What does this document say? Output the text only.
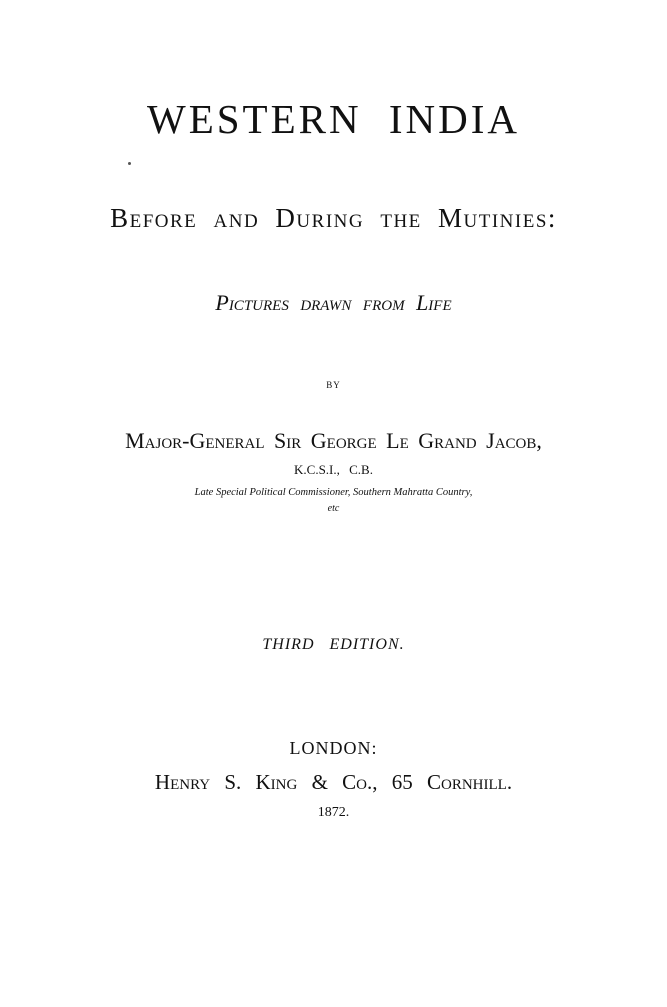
WESTERN INDIA
Before and During the Mutinies:
Pictures drawn from Life
BY
Major-General Sir George Le Grand Jacob,
K.C.S.I., C.B.
Late Special Political Commissioner, Southern Mahratta Country,
etc
THIRD EDITION.
LONDON:
Henry S. King & Co., 65 Cornhill.
1872.
